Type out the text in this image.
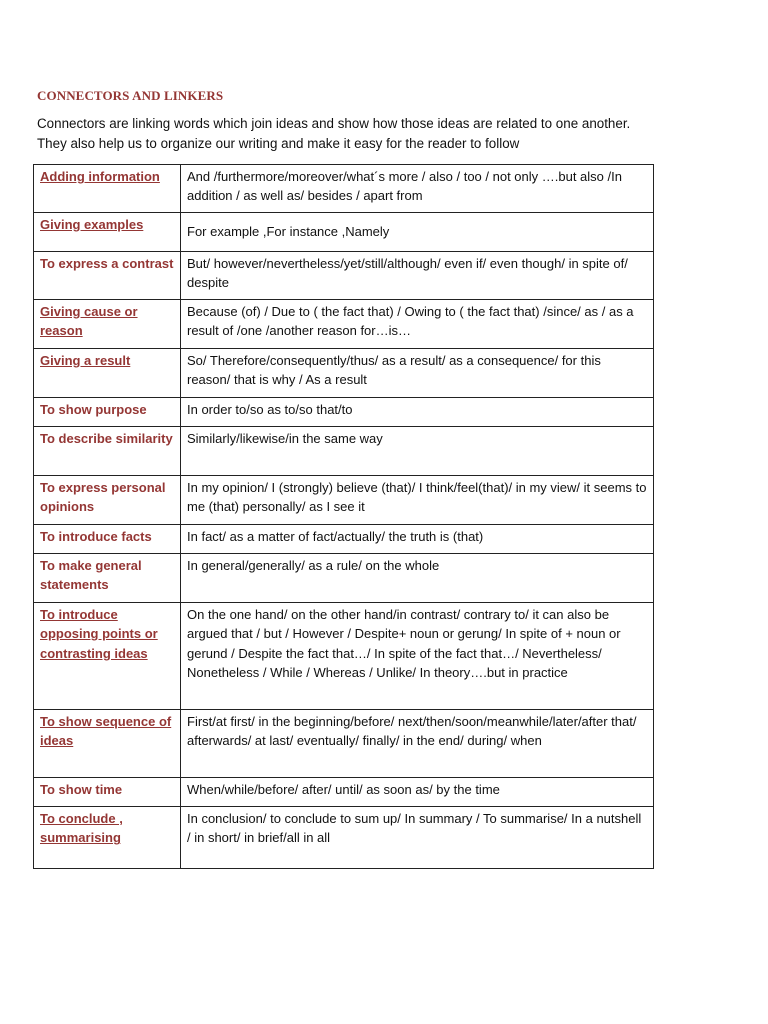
CONNECTORS AND LINKERS
Connectors are linking words which join ideas and show how those ideas are related to one another. They also help us to organize our writing and make it easy for the reader to follow
Adding information	And /furthermore/moreover/what´s more / also / too / not only ….but also /In addition / as well as/ besides / apart from
Giving examples	For example ,For instance ,Namely
To express a contrast	But/ however/nevertheless/yet/still/although/ even if/ even though/ in spite of/ despite
Giving cause or reason	Because (of) / Due to ( the fact that) / Owing to ( the fact that) /since/ as / as a result of /one /another reason for…is…
Giving a result	So/ Therefore/consequently/thus/ as a result/ as a consequence/ for this reason/ that is why / As a result
To show purpose	In order to/so as to/so that/to
To describe similarity	Similarly/likewise/in the same way
To express personal opinions	In my opinion/ I (strongly) believe (that)/ I think/feel(that)/ in my view/ it seems to me (that) personally/ as I see it
To introduce facts	In fact/ as a matter of fact/actually/ the truth is (that)
To make general statements	In general/generally/ as a rule/ on the whole
To introduce opposing points or contrasting ideas	On the one hand/ on the other hand/in contrast/ contrary to/ it can also be argued that / but / However / Despite+ noun or gerung/ In spite of + noun or gerund / Despite the fact that…/ In spite of the fact that…/ Nevertheless/ Nonetheless / While / Whereas / Unlike/ In theory….but in practice
To show sequence of ideas	First/at first/ in the beginning/before/ next/then/soon/meanwhile/later/after that/ afterwards/ at last/ eventually/ finally/ in the end/ during/ when
To show time	When/while/before/ after/ until/ as soon as/ by the time
To conclude , summarising	In conclusion/ to conclude to sum up/ In summary / To summarise/ In a nutshell / in short/ in brief/all in all
